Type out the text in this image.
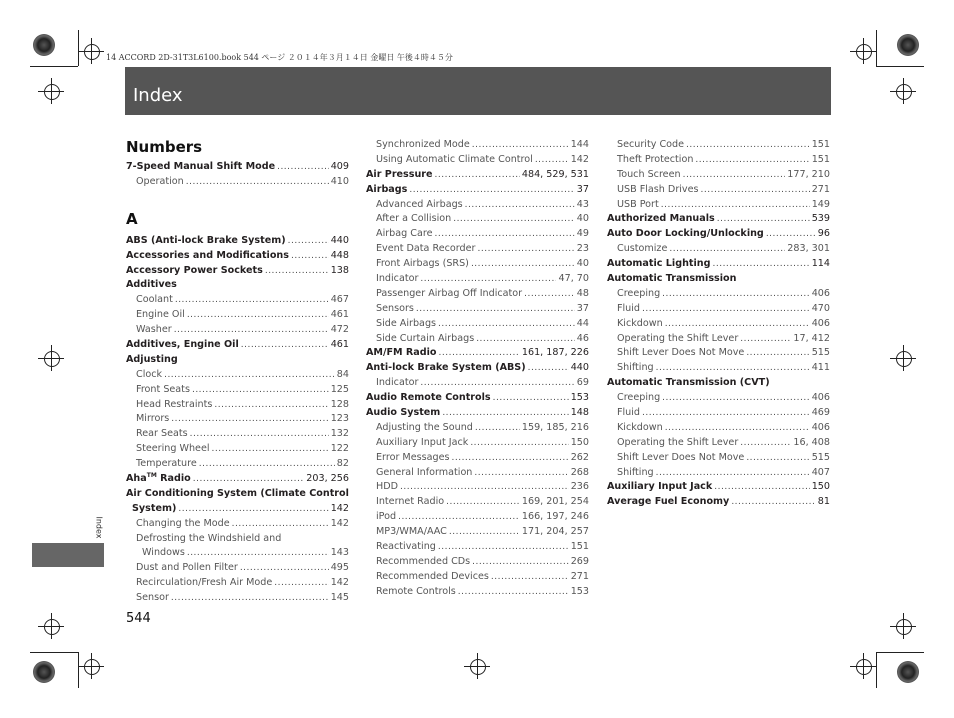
14 ACCORD 2D-31T3L6100.book 544 ページ ２０１４年３月１４日 金曜日 午後４時４５分
Index
Index
544
Numbers
7-Speed Manual Shift Mode .....	409
Operation .....	410
A
ABS (Anti-lock Brake System) .....	440
Accessories and Modifications .....	448
Accessory Power Sockets .....	138
Additives
Coolant .....	467
Engine Oil .....	461
Washer .....	472
Additives, Engine Oil .....	461
Adjusting
Clock .....	84
Front Seats .....	125
Head Restraints .....	128
Mirrors .....	123
Rear Seats .....	132
Steering Wheel .....	122
Temperature .....	82
Aha™ Radio .....	203, 256
Air Conditioning System (Climate Control
System) .....	142
Changing the Mode .....	142
Defrosting the Windshield and
Windows .....	143
Dust and Pollen Filter .....	495
Recirculation/Fresh Air Mode .....	142
Sensor .....	145
Synchronized Mode .....	144
Using Automatic Climate Control .....	142
Air Pressure .....	484, 529, 531
Airbags .....	37
Advanced Airbags .....	43
After a Collision .....	40
Airbag Care .....	49
Event Data Recorder .....	23
Front Airbags (SRS) .....	40
Indicator .....	47, 70
Passenger Airbag Off Indicator .....	48
Sensors .....	37
Side Airbags .....	44
Side Curtain Airbags .....	46
AM/FM Radio .....	161, 187, 226
Anti-lock Brake System (ABS) .....	440
Indicator .....	69
Audio Remote Controls .....	153
Audio System .....	148
Adjusting the Sound .....	159, 185, 216
Auxiliary Input Jack .....	150
Error Messages .....	262
General Information .....	268
HDD .....	236
Internet Radio .....	169, 201, 254
iPod .....	166, 197, 246
MP3/WMA/AAC .....	171, 204, 257
Reactivating .....	151
Recommended CDs .....	269
Recommended Devices .....	271
Remote Controls .....	153
Security Code .....	151
Theft Protection .....	151
Touch Screen .....	177, 210
USB Flash Drives .....	271
USB Port .....	149
Authorized Manuals .....	539
Auto Door Locking/Unlocking .....	96
Customize .....	283, 301
Automatic Lighting .....	114
Automatic Transmission
Creeping .....	406
Fluid .....	470
Kickdown .....	406
Operating the Shift Lever .....	17, 412
Shift Lever Does Not Move .....	515
Shifting .....	411
Automatic Transmission (CVT)
Creeping .....	406
Fluid .....	469
Kickdown .....	406
Operating the Shift Lever .....	16, 408
Shift Lever Does Not Move .....	515
Shifting .....	407
Auxiliary Input Jack .....	150
Average Fuel Economy .....	81
